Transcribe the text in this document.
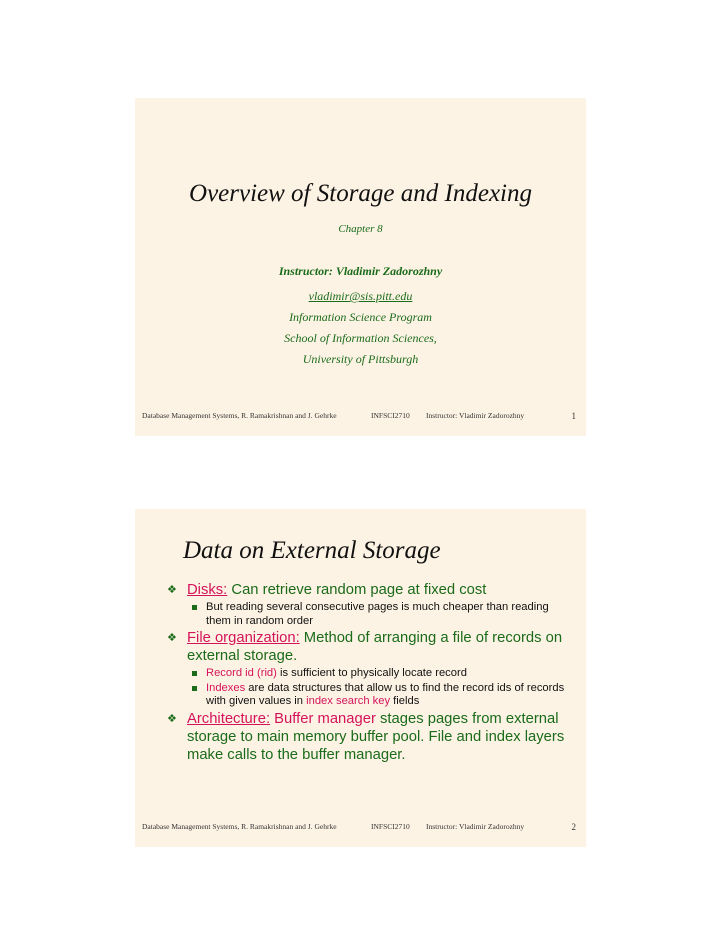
Overview of Storage and Indexing
Chapter 8
Instructor: Vladimir Zadorozhny
vladimir@sis.pitt.edu
Information Science Program
School of Information Sciences,
University of Pittsburgh
Database Management Systems, R. Ramakrishnan and J. Gehrke	INFSCI2710 Instructor: Vladimir Zadorozhny	1
Data on External Storage
❖ Disks: Can retrieve random page at fixed cost
But reading several consecutive pages is much cheaper than reading them in random order
❖ File organization: Method of arranging a file of records on external storage.
Record id (rid) is sufficient to physically locate record
Indexes are data structures that allow us to find the record ids of records with given values in index search key fields
❖ Architecture: Buffer manager stages pages from external storage to main memory buffer pool. File and index layers make calls to the buffer manager.
Database Management Systems, R. Ramakrishnan and J. Gehrke	INFSCI2710 Instructor: Vladimir Zadorozhny	2
